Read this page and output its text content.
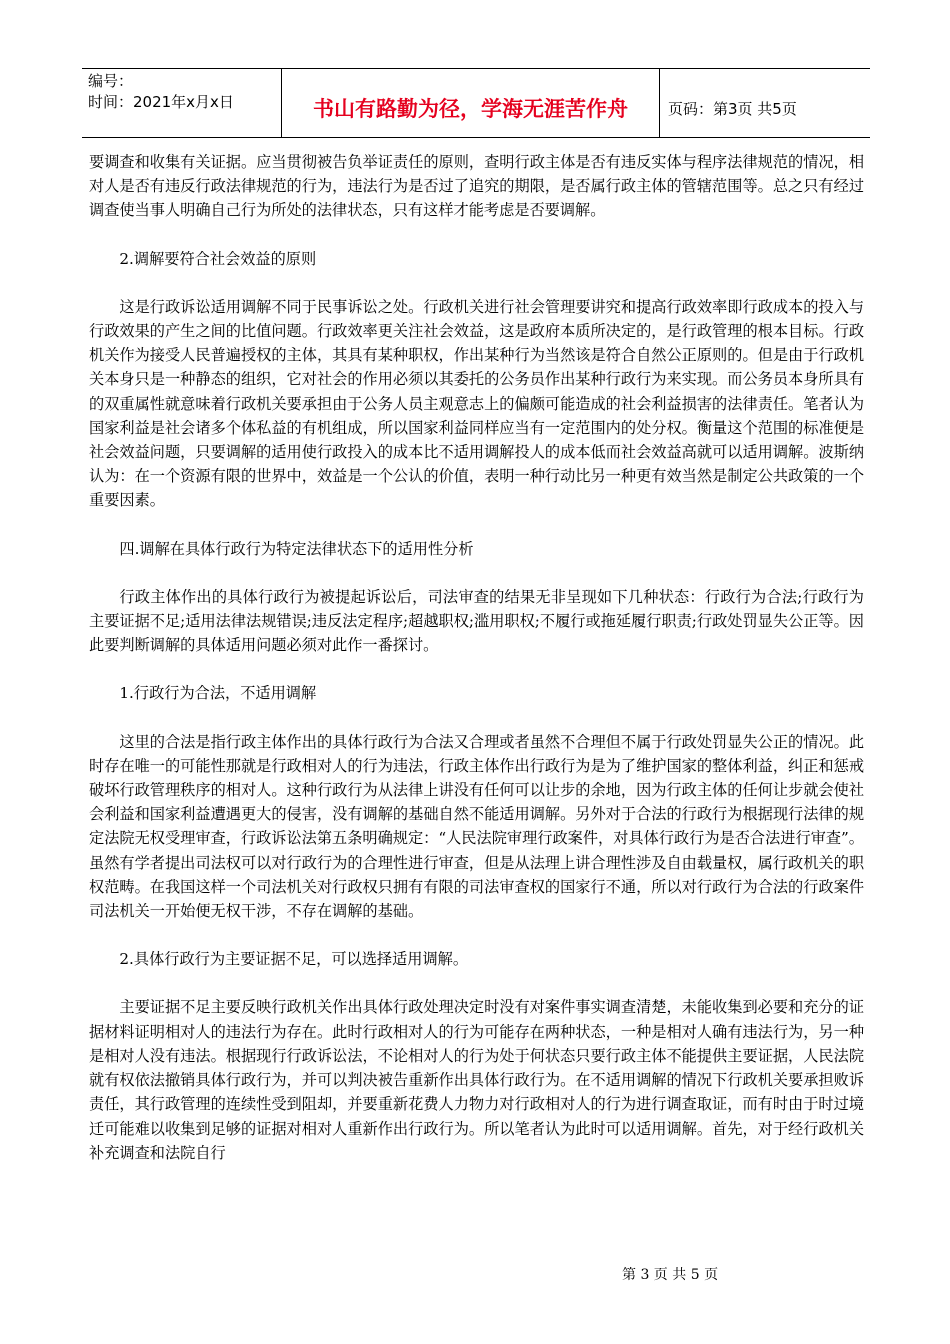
编号：
时间：2021年x月x日	书山有路勤为径，学海无涯苦作舟	页码：第3页 共5页

要调查和收集有关证据。应当贯彻被告负举证责任的原则，查明行政主体是否有违反实体与程序法律规范的情况，相对人是否有违反行政法律规范的行为，违法行为是否过了追究的期限，是否属行政主体的管辖范围等。总之只有经过调查使当事人明确自己行为所处的法律状态，只有这样才能考虑是否要调解。

2.调解要符合社会效益的原则

这是行政诉讼适用调解不同于民事诉讼之处。行政机关进行社会管理要讲究和提高行政效率即行政成本的投入与行政效果的产生之间的比值问题。行政效率更关注社会效益，这是政府本质所决定的，是行政管理的根本目标。行政机关作为接受人民普遍授权的主体，其具有某种职权，作出某种行为当然该是符合自然公正原则的。但是由于行政机关本身只是一种静态的组织，它对社会的作用必须以其委托的公务员作出某种行政行为来实现。而公务员本身所具有的双重属性就意味着行政机关要承担由于公务人员主观意志上的偏颇可能造成的社会利益损害的法律责任。笔者认为国家利益是社会诸多个体私益的有机组成，所以国家利益同样应当有一定范围内的处分权。衡量这个范围的标准便是社会效益问题，只要调解的适用使行政投入的成本比不适用调解投人的成本低而社会效益高就可以适用调解。波斯纳认为：在一个资源有限的世界中，效益是一个公认的价值，表明一种行动比另一种更有效当然是制定公共政策的一个重要因素。

四.调解在具体行政行为特定法律状态下的适用性分析

行政主体作出的具体行政行为被提起诉讼后，司法审查的结果无非呈现如下几种状态：行政行为合法;行政行为主要证据不足;适用法律法规错误;违反法定程序;超越职权;滥用职权;不履行或拖延履行职责;行政处罚显失公正等。因此要判断调解的具体适用问题必须对此作一番探讨。

1.行政行为合法，不适用调解

这里的合法是指行政主体作出的具体行政行为合法又合理或者虽然不合理但不属于行政处罚显失公正的情况。此时存在唯一的可能性那就是行政相对人的行为违法，行政主体作出行政行为是为了维护国家的整体利益，纠正和惩戒破坏行政管理秩序的相对人。这种行政行为从法律上讲没有任何可以让步的余地，因为行政主体的任何让步就会使社会利益和国家利益遭遇更大的侵害，没有调解的基础自然不能适用调解。另外对于合法的行政行为根据现行法律的规定法院无权受理审查，行政诉讼法第五条明确规定：“人民法院审理行政案件，对具体行政行为是否合法进行审查”。虽然有学者提出司法权可以对行政行为的合理性进行审查，但是从法理上讲合理性涉及自由载量权，属行政机关的职权范畴。在我国这样一个司法机关对行政权只拥有有限的司法审查权的国家行不通，所以对行政行为合法的行政案件司法机关一开始便无权干涉，不存在调解的基础。

2.具体行政行为主要证据不足，可以选择适用调解。

主要证据不足主要反映行政机关作出具体行政处理决定时没有对案件事实调查清楚，未能收集到必要和充分的证据材料证明相对人的违法行为存在。此时行政相对人的行为可能存在两种状态，一种是相对人确有违法行为，另一种是相对人没有违法。根据现行行政诉讼法，不论相对人的行为处于何状态只要行政主体不能提供主要证据，人民法院就有权依法撤销具体行政行为，并可以判决被告重新作出具体行政行为。在不适用调解的情况下行政机关要承担败诉责任，其行政管理的连续性受到阻却，并要重新花费人力物力对行政相对人的行为进行调查取证，而有时由于时过境迁可能难以收集到足够的证据对相对人重新作出行政行为。所以笔者认为此时可以适用调解。首先，对于经行政机关补充调查和法院自行

第 3 页 共 5 页
